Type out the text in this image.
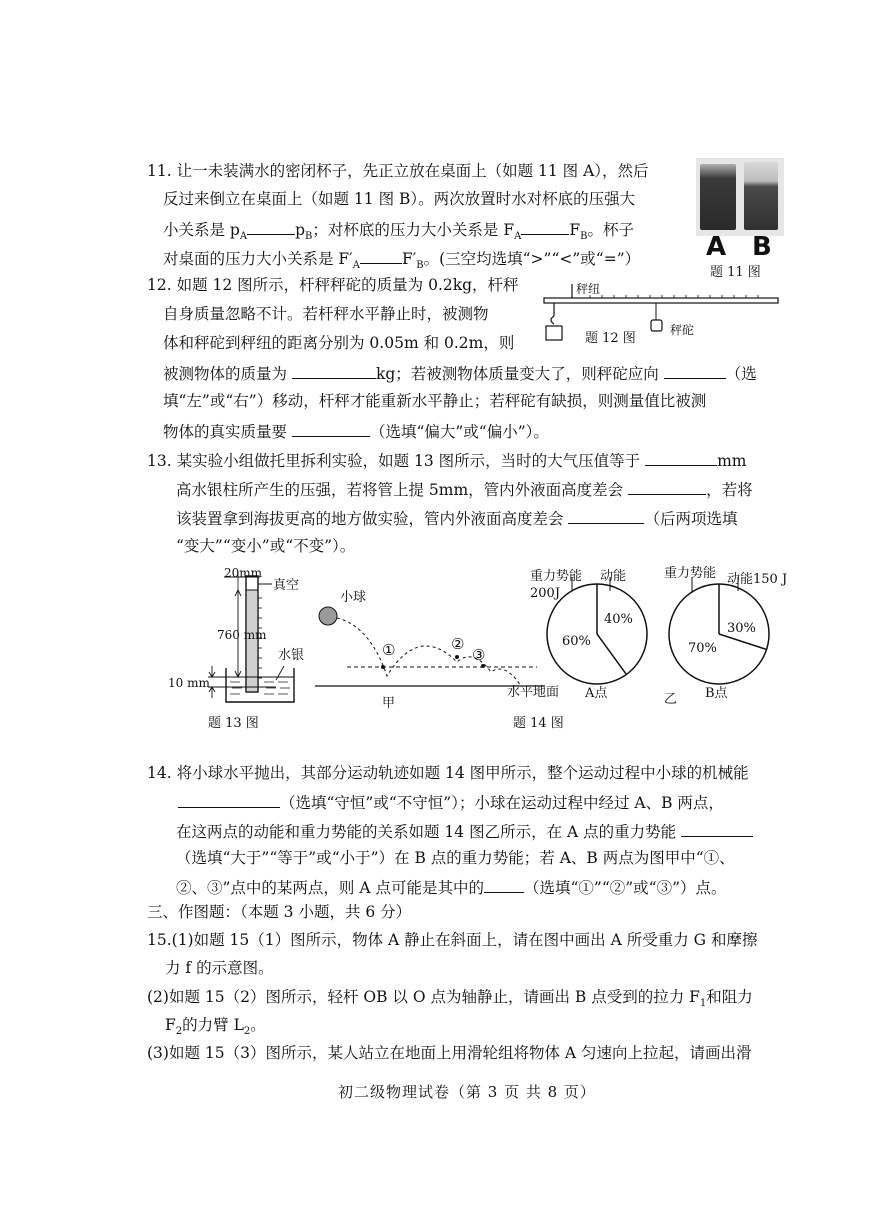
11. 让一未装满水的密闭杯子，先正立放在桌面上（如题 11 图 A），然后
反过来倒立在桌面上（如题 11 图 B）。两次放置时水对杯底的压强大
小关系是 $p_A$	$p_B$；对杯底的压力大小关系是 $F_A$	$F_B$。杯子
对桌面的压力大小关系是 $F'_A$	$F'_B$。(三空均选填“>”“<”或“=”）	A B
题 11 图
12. 如题 12 图所示，杆秤秤砣的质量为 0.2kg，杆秤
自身质量忽略不计。若杆秤水平静止时，被测物
体和秤砣到秤纽的距离分别为 0.05m 和 0.2m，则
被测物体的质量为	kg；若被测物体质量变大了，则秤砣应向	（选
填“左”或“右”）移动，杆秤才能重新水平静止；若秤砣有缺损，则测量值比被测
物体的真实质量要	（选填“偏大”或“偏小”）。
秤纽
秤砣
题 12 图
13. 某实验小组做托里拆利实验，如题 13 图所示，当时的大气压值等于	mm
高水银柱所产生的压强，若将管上提 5mm，管内外液面高度差会	，若将
该装置拿到海拔更高的地方做实验，管内外液面高度差会	（后两项选填
“变大”“变小”或“不变”）。
20mm
真空
760 mm
水银
10 mm
题 13 图
小球
①	②
③
水平地面
甲
题 14 图
重力势能
200J
动能
60%
40%
A点
重力势能 动能150 J
70%
30%
B点
乙
14. 将小球水平抛出，其部分运动轨迹如题 14 图甲所示，整个运动过程中小球的机械能
（选填“守恒”或“不守恒”）；小球在运动过程中经过 A、B 两点，
在这两点的动能和重力势能的关系如题 14 图乙所示，在 A 点的重力势能
（选填“大于”“等于”或“小于”）在 B 点的重力势能；若 A、B 两点为图甲中“①、
②、③”点中的某两点，则 A 点可能是其中的	（选填“①”“②”或“③”）点。
三、作图题：（本题 3 小题，共 6 分）
15.(1)如题 15（1）图所示，物体 A 静止在斜面上，请在图中画出 A 所受重力 G 和摩擦
力 f 的示意图。
(2)如题 15（2）图所示，轻杆 OB 以 O 点为轴静止，请画出 B 点受到的拉力 $F_1$和阻力
$F_2$的力臂 $L_2$。
(3)如题 15（3）图所示，某人站立在地面上用滑轮组将物体 A 匀速向上拉起，请画出滑
初二级物理试卷（第 3 页 共 8 页）
